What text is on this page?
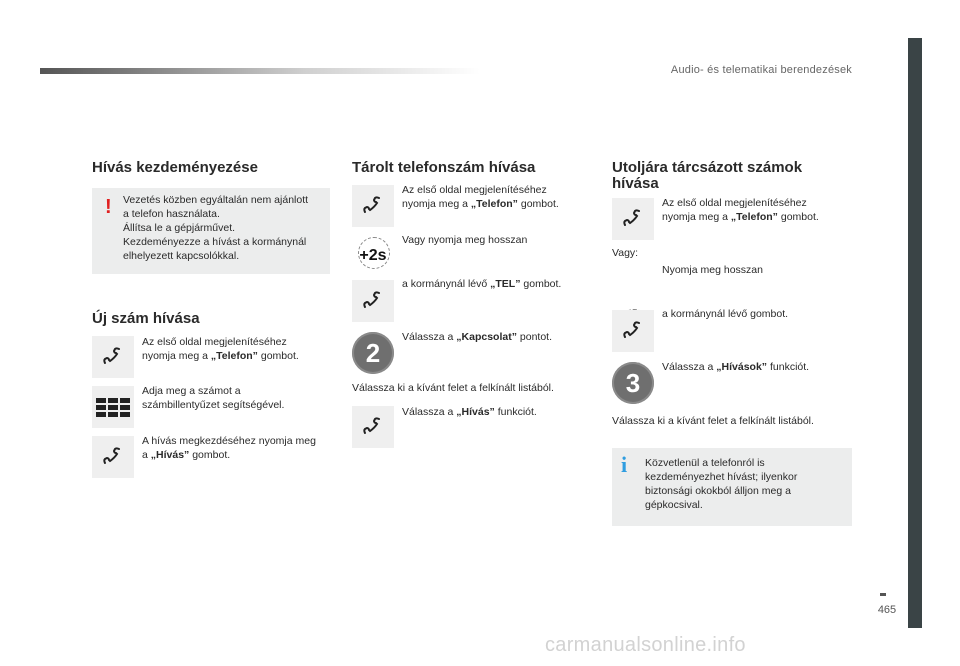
Audio- és telematikai berendezések
465
carmanualsonline.info
Hívás kezdeményezése
! Vezetés közben egyáltalán nem ajánlott
a telefon használata.
Állítsa le a gépjárművet.
Kezdeményezze a hívást a kormánynál
elhelyezett kapcsolókkal.
Új szám hívása
Az első oldal megjelenítéséhez
nyomja meg a „Telefon” gombot.
Adja meg a számot a
számbillentyűzet segítségével.
A hívás megkezdéséhez nyomja meg
a „Hívás” gombot.
Tárolt telefonszám hívása
Az első oldal megjelenítéséhez
nyomja meg a „Telefon” gombot.
+2s
Vagy nyomja meg hosszan
a kormánynál lévő „TEL” gombot.
2
Válassza a „Kapcsolat” pontot.
Válassza ki a kívánt felet a felkínált listából.
Válassza a „Hívás” funkciót.
Utoljára tárcsázott számok
hívása
Az első oldal megjelenítéséhez
nyomja meg a „Telefon” gombot.
Vagy:
Nyomja meg hosszan
a kormánynál lévő gombot.
3
Válassza a „Hívások” funkciót.
Válassza ki a kívánt felet a felkínált listából.
i Közvetlenül a telefonról is
kezdeményezhet hívást; ilyenkor
biztonsági okokból álljon meg a
gépkocsival.
